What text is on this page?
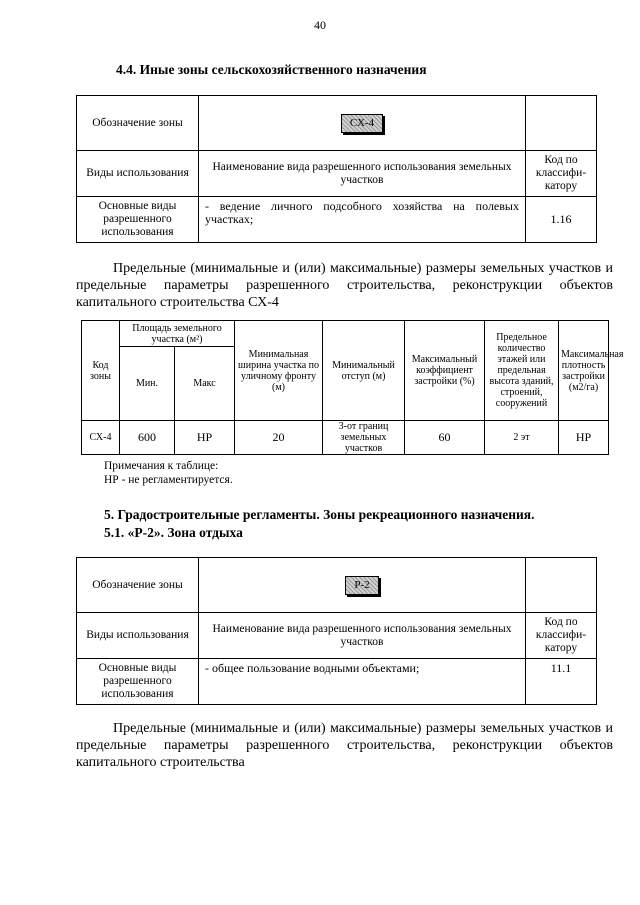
40
4.4. Иные зоны сельскохозяйственного назначения
Обозначение зоны	СХ-4	
Виды использования	Наименование вида разрешенного использования земельных участков	Код по классифи-катору
Основные виды разрешенного использования	- ведение личного подсобного хозяйства на полевых участках;	1.16
Предельные (минимальные и (или) максимальные) размеры земельных участков и предельные параметры разрешенного строительства, реконструкции объектов капитального строительства СХ-4
Код зоны	Площадь земельного участка (м²)		Минимальная ширина участка по уличному фронту (м)	Минимальный отступ (м)	Максимальный коэффициент застройки (%)	Предельное количество этажей или предельная высота зданий, строений, сооружений	Максимальная плотность застройки (м2/га)
	Мин.	Макс					
СХ-4	600	НР	20	3-от границ земельных участков	60	2 эт	НР
Примечания к таблице:
НР - не регламентируется.
5. Градостроительные регламенты. Зоны рекреационного назначения.
5.1. «Р-2». Зона отдыха
Обозначение зоны	Р-2	
Виды использования	Наименование вида разрешенного использования земельных участков	Код по классифи-катору
Основные виды разрешенного использования	- общее пользование водными объектами;	11.1
Предельные (минимальные и (или) максимальные) размеры земельных участков и предельные параметры разрешенного строительства, реконструкции объектов капитального строительства
